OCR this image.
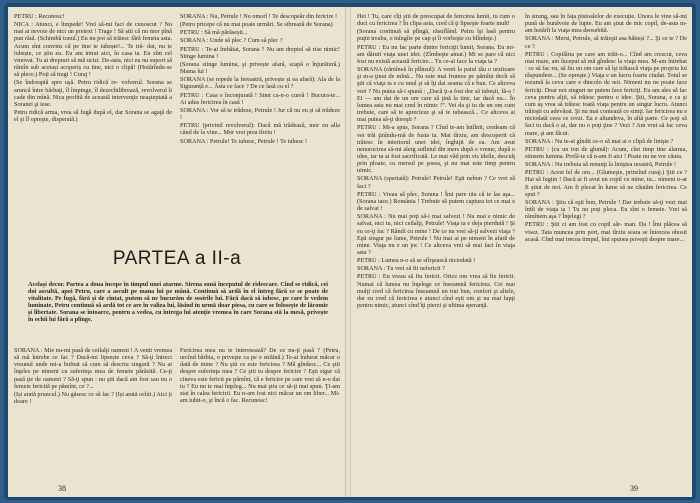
PETRU : Recunosc!

NICA : Atunci, e limpede! Vrei să-mi faci de cunoscut ? Nu mai ai nevoie de nici un pretext ! Trage ! Să știi că nu mor pînă pun răul. (Schimbă tonul.) Eu nu pot să trăiesc fără femeia asta. Acum sînt convins că pe tine te iubește!... Te tră- dat, nu te iubește, ce știu eu. Eu am intrat aici, în casa ta. Eu sînt cel vinovat. Tu ai drepturi să mă ucizi. De-asta, nici eu nu suport să rămîn sub aceiași acoperiș cu tine, nici o clipă! (Hotărîndu-se să plece.) Poți să tragi ! Curaj !

(Se îndreaptă spre uşă. Petru ridică re- volverul. Sorana se aruncă între bărbaţi, îl împinge, îl dezechilibrează, revolverul îi cade din mînă. Nica profită de această intervenţie neaşteptată a Soranei şi iese.

Petru ridică arma, vrea să fugă după el, dar Sorana se agaţă de el şi îl opreşte, disperată.)

SORANA : Nu, Petrule ! Nu omorî ! Te descopeăr din fericire !

(Petru pricepe că nu mai poate urmări. Se sibrează de Sorana)

PETRU : Să mă părăsești...

SORANA : Unde să plec ? Cum să plec ?

PETRU : Te-ai îmbătat, Sorana ? Nu am dreptul să rise nimic! Stinge lumina !

(Sorana stinge lumina, şi privește afară, scapă o înjurătură.) Mama lui !

SORANA (se repede la fereastră, privește și ea afară): Ala de la Siguranță e... Ăsta ce face ? De ce lasă cu el ?

PETRU : Casa e înconjurată ! Simt ca-n-o cureă ! Bucura-te... Ai adus fericirea în casă !

SORANA : Vor să te trădeze, Petrule ! Jur că nu eu și să trădeze !

PETRU (privind revolverul): Dacă mă trădează, mor eu alla când de la vine... Mor vrei prea tîrziu !

SORANA : Petrule! Te iubesc, Petrule ! Te iubesc !

PARTEA a II-a
Același decor. Partea a doua începe în timpul unei atarme. Sirena sună începutul de rideecare. Cînd se ridică, cei doi ascultă, apoi Petru, care a ascult pe mana lui pe mână. Continuă să ardă în el întreg fără ce se poate de vitalitate. Pe fugă, fără și de cîntat, putem să ne bucurăm de sosirile lui. Fără dacă să iubesc, pe care le vedem luminate, Petru continuă să ardă tot ce are în valiza lui, lăsînd în urmă doar piesa, cu care se folosește de lăcomie și libertate. Sorana se întoarce, pentru a vedea, cu întrega lui atenție vremea în care Sorana stă la mesă, privește în ochii lui fără a plînge.

SORANA : Mie nu-mi pasă de ceilalţi oameni ! A venit vremea să mă întrebe ce fac ? Dacă-mi lipsește ceva ? Să-ţi întreci vreunul unde mi-a bufnat să cum să descriu singură ? Nu ai înţeles pe nimeni cu suferinţa mea de femeie părăsită. Ce-ţi pasă ţie de oameni ? Să-ţi spun : nu ştii dacă am fost sau nu o femeie fericită pe pămînt, ce ?...

(Iși arată pruncul.) Nu găsesc ce să fac ? (Iși arată ochii.) Aici ți doare !

Fericirea mea nu te interesează? De ce nu-ţi pasă ? (Petru, urcînd bărbia, o priveşte ca pe o străină.) Te-ai îndurat măcar o dată de mine ? Nu ştii ce este fericirea ? Mă gîndesc... Ce ştii despre suferinţa mea ? Ce ştii tu despre fericire ? Eşti sigur că cineva este fericit pe pămînt, că e fericire pe care vrei să n-o dai tu ? Eu nu te mai înţeleg... Nu mai ştiu ce să-ţi mai spun. Ţi-am stat în calea fericirii. Eu n-am fost nici măcar un om liber... Mi-am iubit-o, şi încă o fac. Recunosc!

38

Hei ! Tu, care cîți știi de preocupat de fericirea lumii, tu cum o duci cu fericirea ? În clipa asta, cred că ţi lipseşte foarte mult!

(Sorana continuă să plîngă, răsuflând. Petru îşi lasă pentru puţin treaba, o mîngîie pe cap şi îi vorbeşte cu blîndeţe.)

PETRU : Eu nu fac parte dintre fericiţii lumii, Sorana. Eu mi-am dăruit viaţa unei idei. (Zîmbeşte amar.) Mi se pare că nici fost nu există această fericire... Tu ce-ai face la viaţa ta ?

SORANA (rămîneă în plînsul): A venit la patul tău o urzitoare şi m-a ţinut de mînă... Nu este mai frumos pe pămînt decît să ştii că viaţa ta e cu unul şi să îţi dai seama că e bun. Ce altceva vrei ? Nu putea să-i spună : „Dacă ţi-a fost dor să iubești, fă-o ! Ei — am dat de un om care să ţină la tine, iar dacă nu... În lumea asta nu mai cred în nimic !”. Vei da şi tu de un om cum trebuie, care să te aprecieze şi să te iubească... Ce altceva ai mai putea să-ţi doreşti ?

PETRU : Mi-a spus, Sorana ? Cînd te-am întîlnit, credeam că vei trăi ţinîndu-mă de fusta ta. Mai tîrziu, am descoperit că trăiesc în interiorul unei idei, înghiţit de ea. Am avut nenorocirea să-mi alerg sufletul din mers după o vreme, după o idee, iar tu ai fost sacrificată. Le mai văd prin vis ideile, desculţ prin ploaie, cu mersul pe şosea, şi nu mai este timp pentru nimic.

SORANA (speriată): Petrule! Petrule! Eşti nebun ? Ce vrei să faci ?

PETRU : Vreau să plec, Sorana ! Îmi pare rău că te las aşa... (Sorana tace.) România ! Trebuie să putem captura tot ce mai e de salvat !

SORANA : Nu mai poţi să-i mai salvezi ! Nu mai e nimic de salvat, nici tu, nici ceilalţi, Petrule! Viaţa ta e deja pierdută ! Şi eu ce-ţi fac ? Rămîi cu mine ! De ce nu vrei să-ţi salvezi viaţa ? Eşti singur pe lume, Petrule ! Nu mai ai pe nimeni în afară de mine. Viaţa nu e un joc ! Ce altceva vrei să mai faci în viaţa asta ?

PETRU : Lumea n-o să se sfîrşească niciodată !

SORANA : Tu vrei să fii nefericit ?

PETRU : Eu vreau să fiu fericit. Orice om vrea să fie fericit. Numai că lumea nu înţelege ce înseamnă fericirea. Cei mai mulţi cred că fericirea înseamnă un trai bun, confort şi altele, dar eu cred că fericirea e atunci cînd eşti om şi nu mai lupţi pentru nimic, atunci cînd îţi pierzi şi ultima speranţă.

în strung, sau în fața pistoalelor de execuție. Unora le vine să-mi pună de bunăvoie de lupte. Eu am ştiut de mic copil, de-asta m-am hotărît la viaţa mea deosebită.

SORANA : Mersi, Petrule, să trăieşti asa hătieși ?... Şi ce te ? De ce ?

PETRU : Copilăria pe care am trăit-o... Cînd am crescut, ceva mai mare, am început să mă gîndesc la viaţa mea. M-am întrebat : ce să fac eu, să fiu un om care să îşi trăiască viaţa pe propria lui răspundere... (Se opreşte.) Viaţa e un lucru foarte ciudat. Totul se rezumă la ceva care e dincolo de noi. Nimeni nu ne poate face fericiţi. Doar noi singuri ne putem face fericiţi. Eu am ales să fac ceva pentru alţii, să trăiesc pentru o idee. Ştii, Sorana, e ca şi cum aş vrea să trăiesc toată viaţa pentru un singur lucru. Atunci trăieşti cu adevărat. Şi nu mai contează ce simţi. Iar fericirea nu e niciodată ceea ce crezi. Ea e altundeva, în altă parte. Ce poţi să faci tu dacă o ai, dar nu o poţi ţine ? Vezi ? Am vrut să fac ceva mare, şi am făcut.

SORANA : Nu te-ai gîndit ce-o să mai ai o clipă de linişte ?

PETRU : (cu un ton de glumă): Acum, cînt timp tine alarma, stinsem lumina. Prefă-te că n-am fi aici ! Poate nu ne vor căuta.

SORANA : Nu trebuia să renunţi la liniştea noastră, Petrule !

PETRU : Acest fel de om... (Glumeşte, prinzînd curaj.) Ştii ce ? Hai să fugim ! Dacă ai fi avut un copil cu mine, tu... nimeni n-ar fi ştiut de noi. Am fi plecat în lume să ne căutăm fericirea. Ce spui ?

SORANA : Ştiu că eşti bun, Petrule ! Dar trebuie să-ţi vezi mai întîi de viaţa ta ! Tu nu poţi pleca. Eu sînt o femeie. Vrei să rămînem aşa ? Înţelegi ?

PETRU : Ştii ci am fost cu copil săr- man. Da ! Îmi plăcea să visez. Tata muncea prin port, mai tîrziu seara se întorcea obosit acasă. Cînd mai trecea timpul, îmi spunea poveşti despre mare...

39
